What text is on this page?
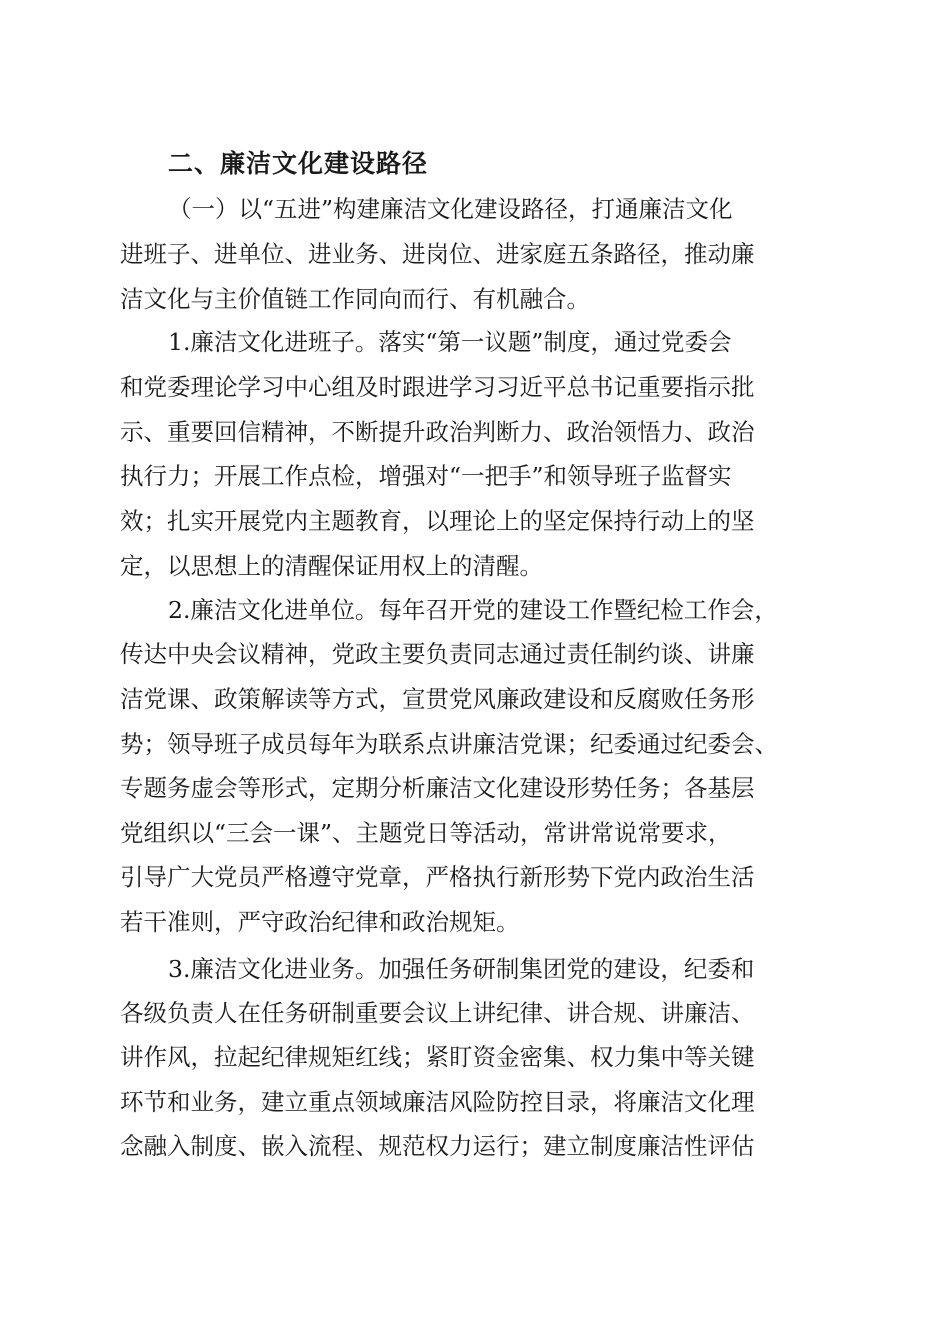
二、廉洁文化建设路径
（一）以“五进”构建廉洁文化建设路径，打通廉洁文化
进班子、进单位、进业务、进岗位、进家庭五条路径，推动廉
洁文化与主价值链工作同向而行、有机融合。
1.廉洁文化进班子。落实“第一议题”制度，通过党委会
和党委理论学习中心组及时跟进学习习近平总书记重要指示批
示、重要回信精神，不断提升政治判断力、政治领悟力、政治
执行力；开展工作点检，增强对“一把手”和领导班子监督实
效；扎实开展党内主题教育，以理论上的坚定保持行动上的坚
定，以思想上的清醒保证用权上的清醒。
2.廉洁文化进单位。每年召开党的建设工作暨纪检工作会，
传达中央会议精神，党政主要负责同志通过责任制约谈、讲廉
洁党课、政策解读等方式，宣贯党风廉政建设和反腐败任务形
势；领导班子成员每年为联系点讲廉洁党课；纪委通过纪委会、
专题务虚会等形式，定期分析廉洁文化建设形势任务；各基层
党组织以“三会一课”、主题党日等活动，常讲常说常要求，
引导广大党员严格遵守党章，严格执行新形势下党内政治生活
若干准则，严守政治纪律和政治规矩。
3.廉洁文化进业务。加强任务研制集团党的建设，纪委和
各级负责人在任务研制重要会议上讲纪律、讲合规、讲廉洁、
讲作风，拉起纪律规矩红线；紧盯资金密集、权力集中等关键
环节和业务，建立重点领域廉洁风险防控目录，将廉洁文化理
念融入制度、嵌入流程、规范权力运行；建立制度廉洁性评估
